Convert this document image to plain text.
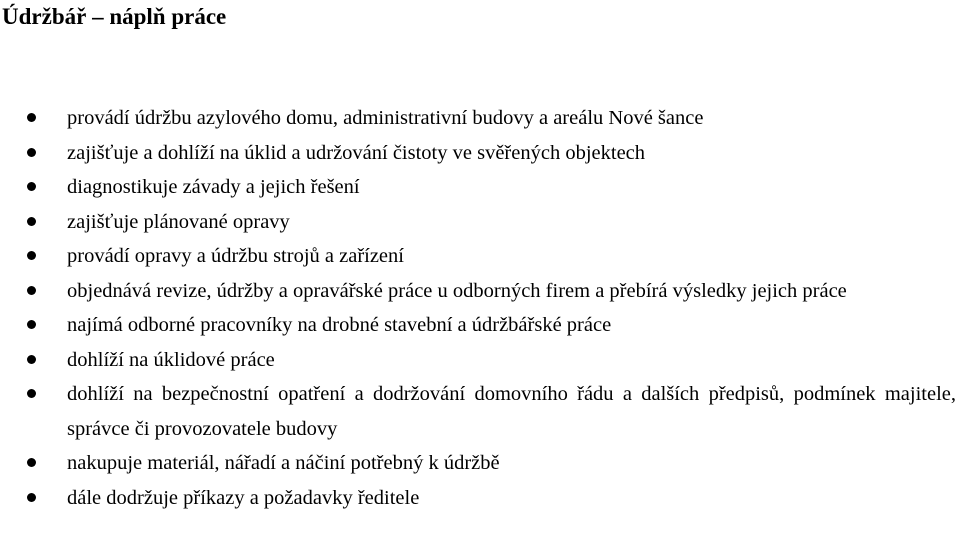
Údržbář – náplň práce
provádí údržbu azylového domu, administrativní budovy a areálu Nové šance
zajišťuje a dohlíží na úklid a udržování čistoty ve svěřených objektech
diagnostikuje závady a jejich řešení
zajišťuje plánované opravy
provádí opravy a údržbu strojů a zařízení
objednává revize, údržby a opravářské práce u odborných firem a přebírá výsledky jejich práce
najímá odborné pracovníky na drobné stavební a údržbářské práce
dohlíží na úklidové práce
dohlíží na bezpečnostní opatření a dodržování domovního řádu a dalších předpisů, podmínek majitele, správce či provozovatele budovy
nakupuje materiál, nářadí a náčiní potřebný k údržbě
dále dodržuje příkazy a požadavky ředitele
